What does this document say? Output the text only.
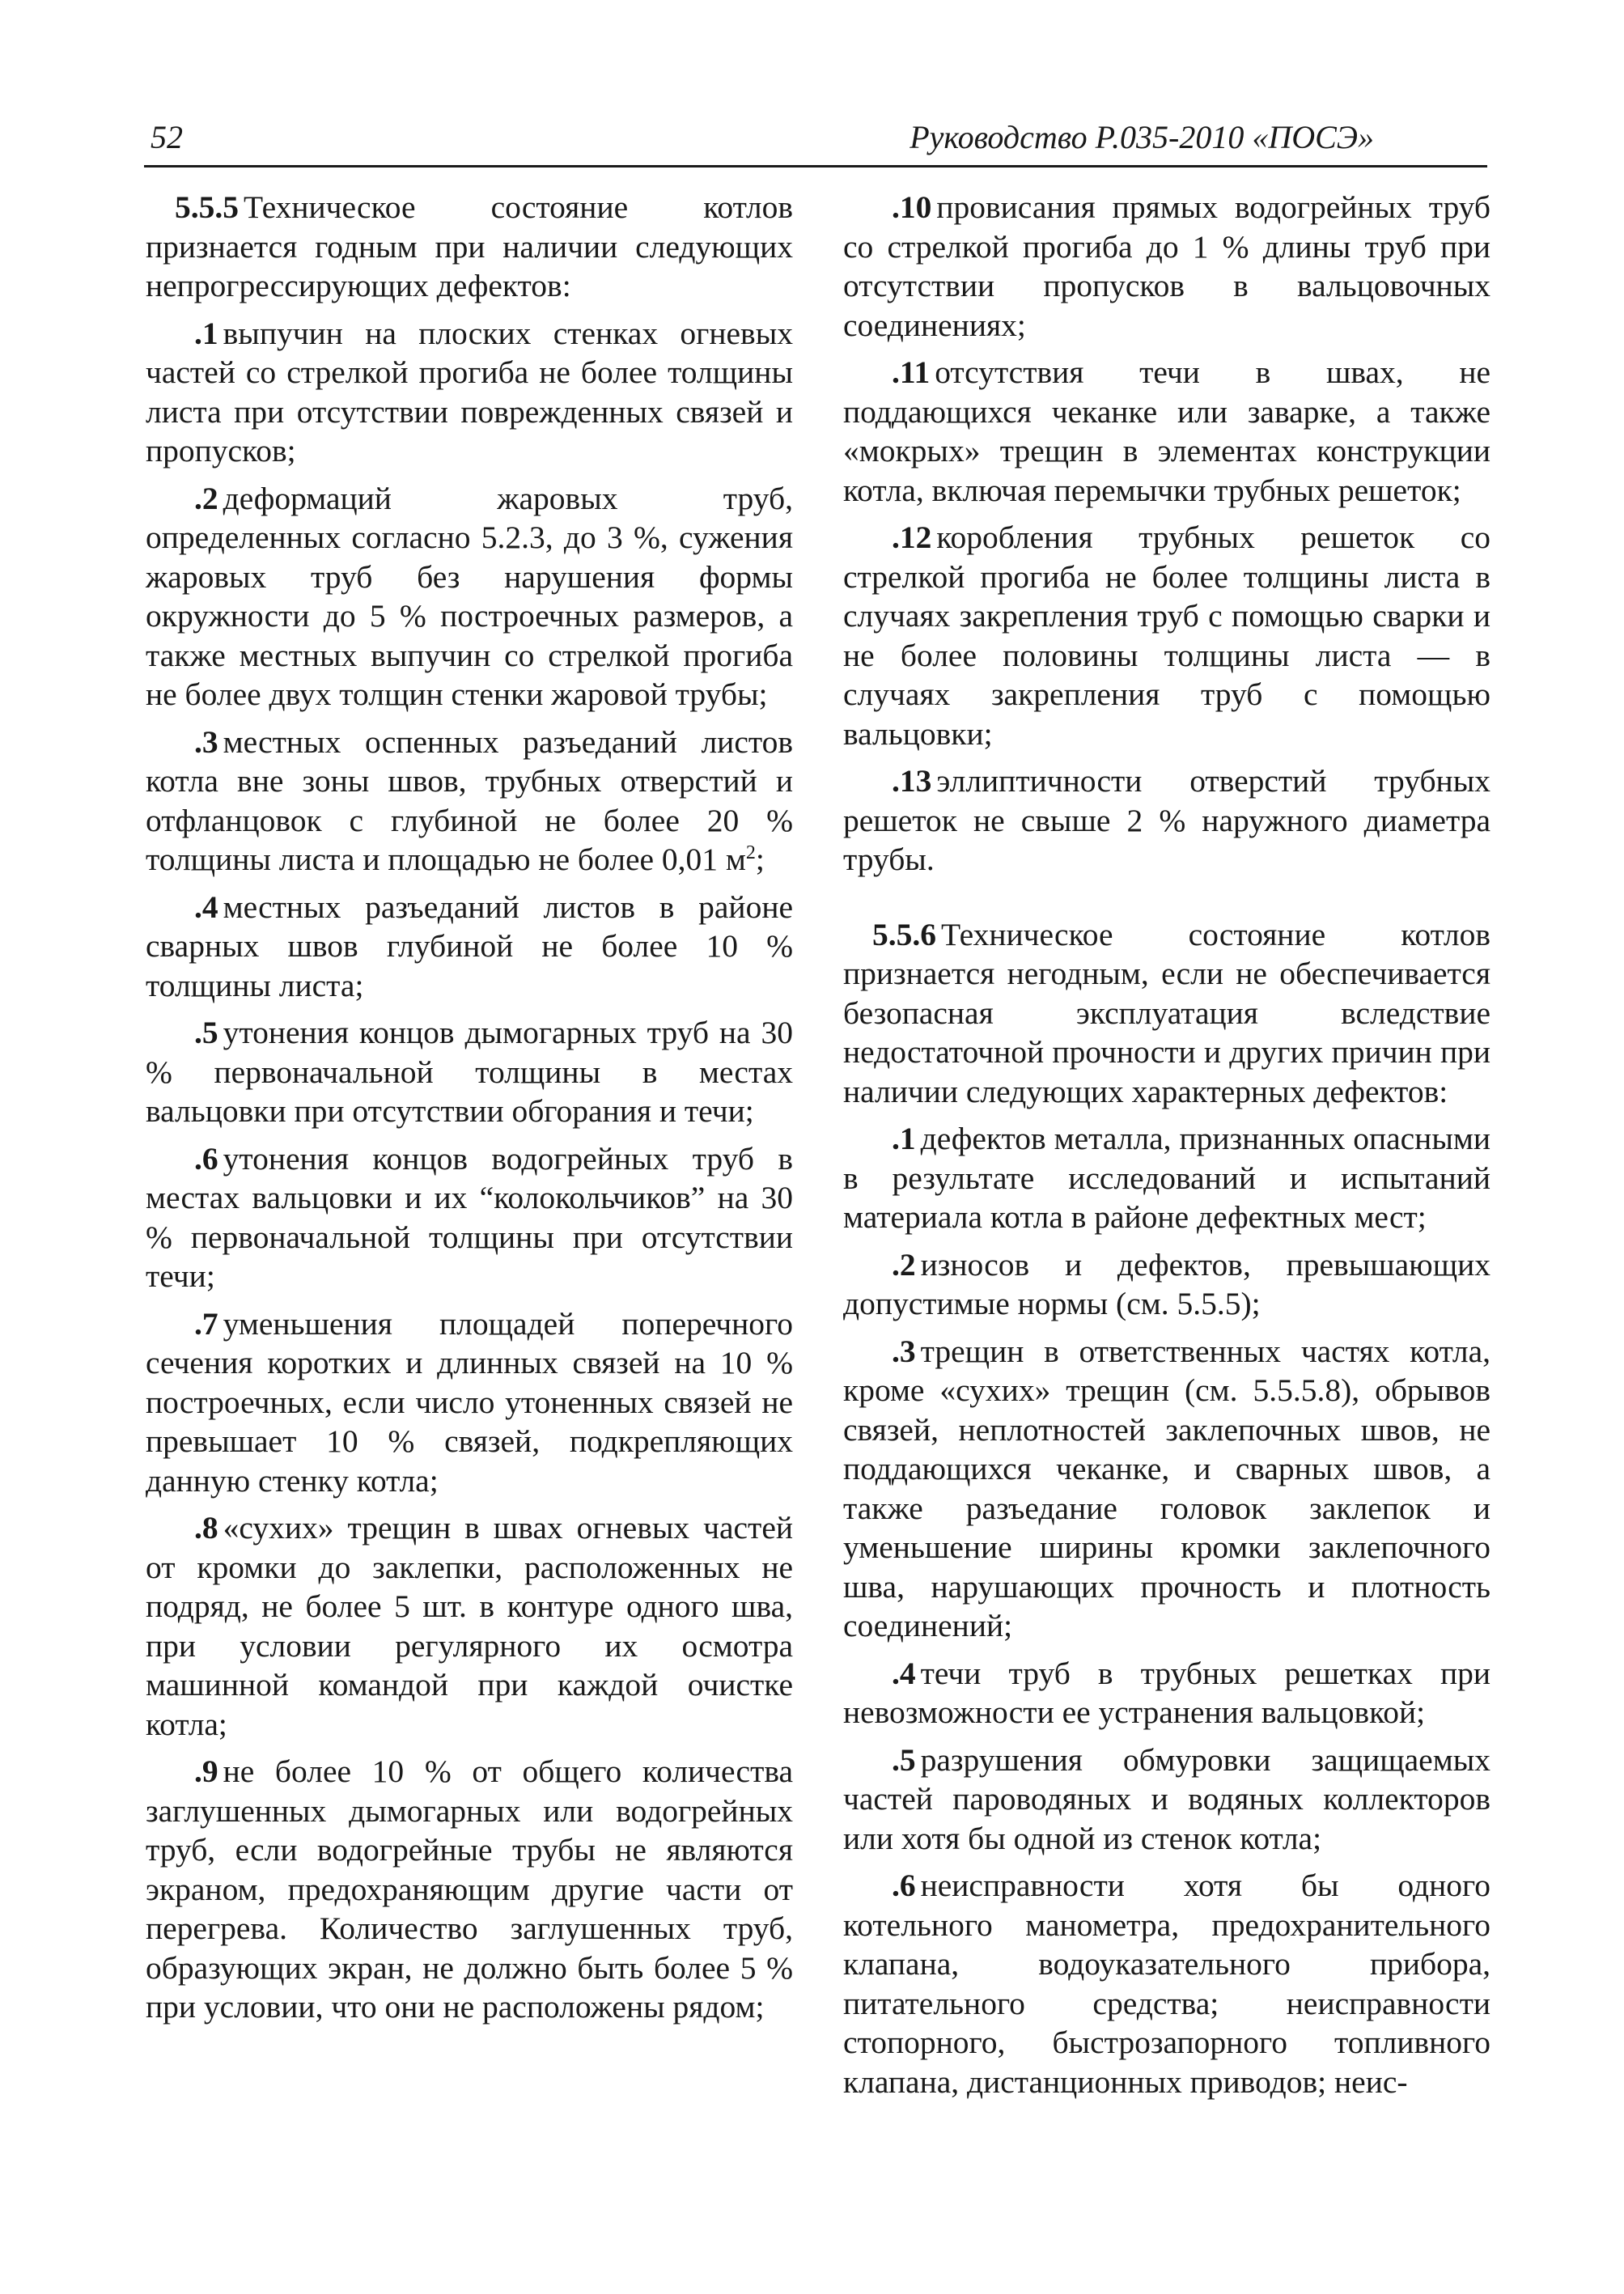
52	Руководство Р.035-2010 «ПОСЭ»

5.5.5 Техническое состояние котлов признается годным при наличии следующих непрогрессирующих дефектов:

.1 выпучин на плоских стенках огневых частей со стрелкой прогиба не более толщины листа при отсутствии поврежденных связей и пропусков;

.2 деформаций жаровых труб, определенных согласно 5.2.3, до 3 %, сужения жаровых труб без нарушения формы окружности до 5 % построечных размеров, а также местных выпучин со стрелкой прогиба не более двух толщин стенки жаровой трубы;

.3 местных оспенных разъеданий листов котла вне зоны швов, трубных отверстий и отфланцовок с глубиной не более 20 % толщины листа и площадью не более 0,01 $м^2$;

.4 местных разъеданий листов в районе сварных швов глубиной не более 10 % толщины листа;

.5 утонения концов дымогарных труб на 30 % первоначальной толщины в местах вальцовки при отсутствии обгорания и течи;

.6 утонения концов водогрейных труб в местах вальцовки и их “колокольчиков” на 30 % первоначальной толщины при отсутствии течи;

.7 уменьшения площадей поперечного сечения коротких и длинных связей на 10 % построечных, если число утоненных связей не превышает 10 % связей, подкрепляющих данную стенку котла;

.8 «сухих» трещин в швах огневых частей от кромки до заклепки, расположенных не подряд, не более 5 шт. в контуре одного шва, при условии регулярного их осмотра машинной командой при каждой очистке котла;

.9 не более 10 % от общего количества заглушенных дымогарных или водогрейных труб, если водогрейные трубы не являются экраном, предохраняющим другие части от перегрева. Количество заглушенных труб, образующих экран, не должно быть более 5 % при условии, что они не расположены рядом;

.10 провисания прямых водогрейных труб со стрелкой прогиба до 1 % длины труб при отсутствии пропусков в вальцовочных соединениях;

.11 отсутствия течи в швах, не поддающихся чеканке или заварке, а также «мокрых» трещин в элементах конструкции котла, включая перемычки трубных решеток;

.12 коробления трубных решеток со стрелкой прогиба не более толщины листа в случаях закрепления труб с помощью сварки и не более половины толщины листа — в случаях закрепления труб с помощью вальцовки;

.13 эллиптичности отверстий трубных решеток не свыше 2 % наружного диаметра трубы.

5.5.6 Техническое состояние котлов признается негодным, если не обеспечивается безопасная эксплуатация вследствие недостаточной прочности и других причин при наличии следующих характерных дефектов:

.1 дефектов металла, признанных опасными в результате исследований и испытаний материала котла в районе дефектных мест;

.2 износов и дефектов, превышающих допустимые нормы (см. 5.5.5);

.3 трещин в ответственных частях котла, кроме «сухих» трещин (см. 5.5.5.8), обрывов связей, неплотностей заклепочных швов, не поддающихся чеканке, и сварных швов, а также разъедание головок заклепок и уменьшение ширины кромки заклепочного шва, нарушающих прочность и плотность соединений;

.4 течи труб в трубных решетках при невозможности ее устранения вальцовкой;

.5 разрушения обмуровки защищаемых частей пароводяных и водяных коллекторов или хотя бы одной из стенок котла;

.6 неисправности хотя бы одного котельного манометра, предохранительного клапана, водоуказательного прибора, питательного средства; неисправности стопорного, быстрозапорного топливного клапана, дистанционных приводов; неис-
